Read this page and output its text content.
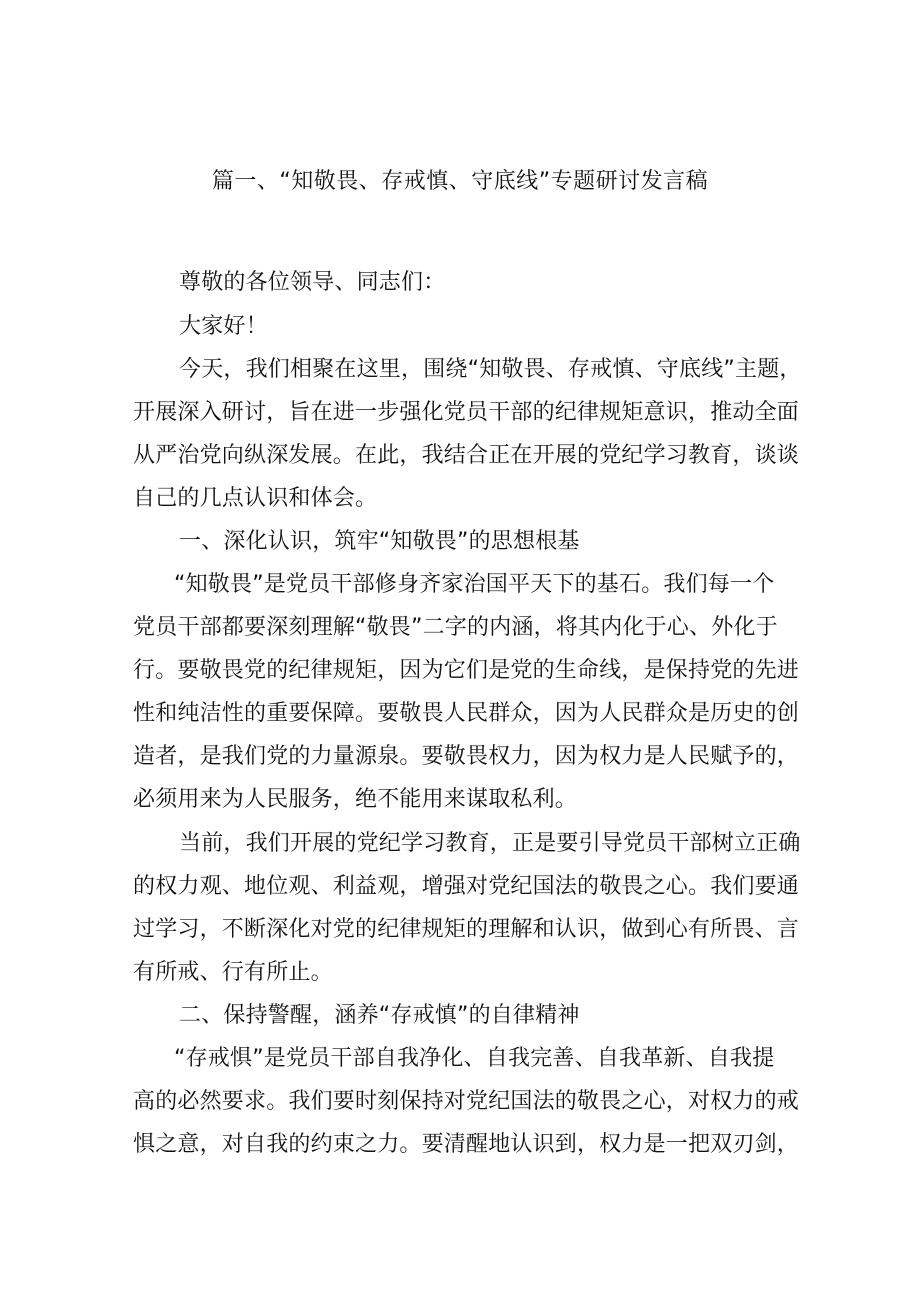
篇一、“知敬畏、存戒慎、守底线”专题研讨发言稿

尊敬的各位领导、同志们：

大家好！

今天，我们相聚在这里，围绕“知敬畏、存戒慎、守底线”主题，

开展深入研讨，旨在进一步强化党员干部的纪律规矩意识，推动全面

从严治党向纵深发展。在此，我结合正在开展的党纪学习教育，谈谈

自己的几点认识和体会。

一、深化认识，筑牢“知敬畏”的思想根基

“知敬畏”是党员干部修身齐家治国平天下的基石。我们每一个

党员干部都要深刻理解“敬畏”二字的内涵，将其内化于心、外化于

行。要敬畏党的纪律规矩，因为它们是党的生命线，是保持党的先进

性和纯洁性的重要保障。要敬畏人民群众，因为人民群众是历史的创

造者，是我们党的力量源泉。要敬畏权力，因为权力是人民赋予的，

必须用来为人民服务，绝不能用来谋取私利。

当前，我们开展的党纪学习教育，正是要引导党员干部树立正确

的权力观、地位观、利益观，增强对党纪国法的敬畏之心。我们要通

过学习，不断深化对党的纪律规矩的理解和认识，做到心有所畏、言

有所戒、行有所止。

二、保持警醒，涵养“存戒慎”的自律精神

“存戒惧”是党员干部自我净化、自我完善、自我革新、自我提

高的必然要求。我们要时刻保持对党纪国法的敬畏之心，对权力的戒

惧之意，对自我的约束之力。要清醒地认识到，权力是一把双刃剑，
